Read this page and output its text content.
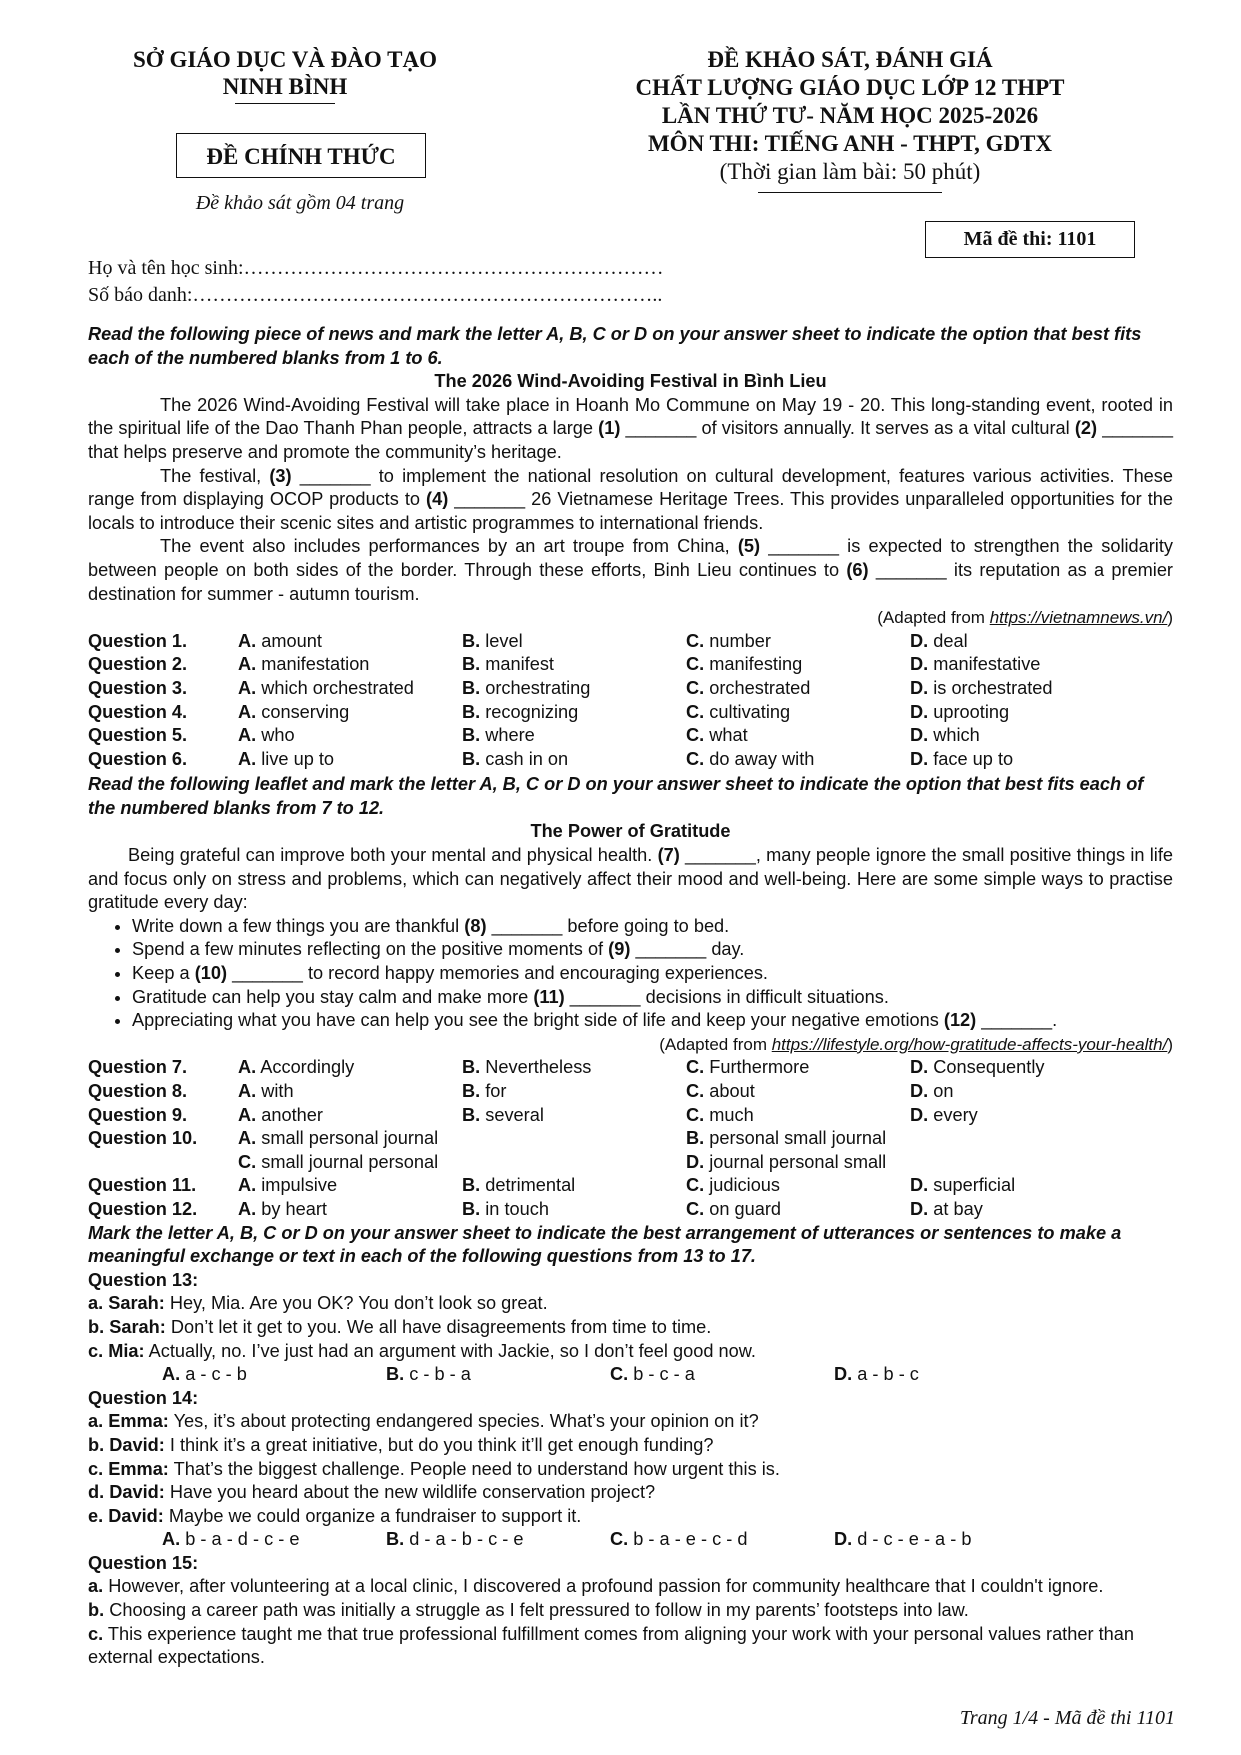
SỞ GIÁO DỤC VÀ ĐÀO TẠO
NINH BÌNH
ĐỀ CHÍNH THỨC
Đề khảo sát gồm 04 trang
ĐỀ KHẢO SÁT, ĐÁNH GIÁ
CHẤT LƯỢNG GIÁO DỤC LỚP 12 THPT
LẦN THỨ TƯ- NĂM HỌC 2025-2026
MÔN THI: TIẾNG ANH - THPT, GDTX
(Thời gian làm bài: 50 phút)
Mã đề thi: 1101
Họ và tên học sinh:………………………………………………………
Số báo danh:……………………………………………………………..
Read the following piece of news and mark the letter A, B, C or D on your answer sheet to indicate the option that best fits each of the numbered blanks from 1 to 6.
The 2026 Wind-Avoiding Festival in Bình Lieu
The 2026 Wind-Avoiding Festival will take place in Hoanh Mo Commune on May 19 - 20. This long-standing event, rooted in the spiritual life of the Dao Thanh Phan people, attracts a large (1) _______ of visitors annually. It serves as a vital cultural (2) _______ that helps preserve and promote the community’s heritage.
The festival, (3) _______ to implement the national resolution on cultural development, features various activities. These range from displaying OCOP products to (4) _______ 26 Vietnamese Heritage Trees. This provides unparalleled opportunities for the locals to introduce their scenic sites and artistic programmes to international friends.
The event also includes performances by an art troupe from China, (5) _______ is expected to strengthen the solidarity between people on both sides of the border. Through these efforts, Binh Lieu continues to (6) _______ its reputation as a premier destination for summer - autumn tourism.
(Adapted from https://vietnamnews.vn/)
Question 1.	A. amount	B. level	C. number	D. deal
Question 2.	A. manifestation	B. manifest	C. manifesting	D. manifestative
Question 3.	A. which orchestrated	B. orchestrating	C. orchestrated	D. is orchestrated
Question 4.	A. conserving	B. recognizing	C. cultivating	D. uprooting
Question 5.	A. who	B. where	C. what	D. which
Question 6.	A. live up to	B. cash in on	C. do away with	D. face up to
Read the following leaflet and mark the letter A, B, C or D on your answer sheet to indicate the option that best fits each of the numbered blanks from 7 to 12.
The Power of Gratitude
Being grateful can improve both your mental and physical health. (7) _______, many people ignore the small positive things in life and focus only on stress and problems, which can negatively affect their mood and well-being. Here are some simple ways to practise gratitude every day:
• Write down a few things you are thankful (8) _______ before going to bed.
• Spend a few minutes reflecting on the positive moments of (9) _______ day.
• Keep a (10) _______ to record happy memories and encouraging experiences.
• Gratitude can help you stay calm and make more (11) _______ decisions in difficult situations.
• Appreciating what you have can help you see the bright side of life and keep your negative emotions (12) _______.
(Adapted from https://lifestyle.org/how-gratitude-affects-your-health/)
Question 7.	A. Accordingly	B. Nevertheless	C. Furthermore	D. Consequently
Question 8.	A. with	B. for	C. about	D. on
Question 9.	A. another	B. several	C. much	D. every
Question 10.	A. small personal journal		B. personal small journal	
	C. small journal personal		D. journal personal small	
Question 11.	A. impulsive	B. detrimental	C. judicious	D. superficial
Question 12.	A. by heart	B. in touch	C. on guard	D. at bay
Mark the letter A, B, C or D on your answer sheet to indicate the best arrangement of utterances or sentences to make a meaningful exchange or text in each of the following questions from 13 to 17.
Question 13:
a. Sarah: Hey, Mia. Are you OK? You don’t look so great.
b. Sarah: Don’t let it get to you. We all have disagreements from time to time.
c. Mia: Actually, no. I’ve just had an argument with Jackie, so I don’t feel good now.
A. a - c - b	B. c - b - a	C. b - c - a	D. a - b - c
Question 14:
a. Emma: Yes, it’s about protecting endangered species. What’s your opinion on it?
b. David: I think it’s a great initiative, but do you think it’ll get enough funding?
c. Emma: That’s the biggest challenge. People need to understand how urgent this is.
d. David: Have you heard about the new wildlife conservation project?
e. David: Maybe we could organize a fundraiser to support it.
A. b - a - d - c - e	B. d - a - b - c - e	C. b - a - e - c - d	D. d - c - e - a - b
Question 15:
a. However, after volunteering at a local clinic, I discovered a profound passion for community healthcare that I couldn't ignore.
b. Choosing a career path was initially a struggle as I felt pressured to follow in my parents’ footsteps into law.
c. This experience taught me that true professional fulfillment comes from aligning your work with your personal values rather than external expectations.
Trang 1/4 - Mã đề thi 1101
